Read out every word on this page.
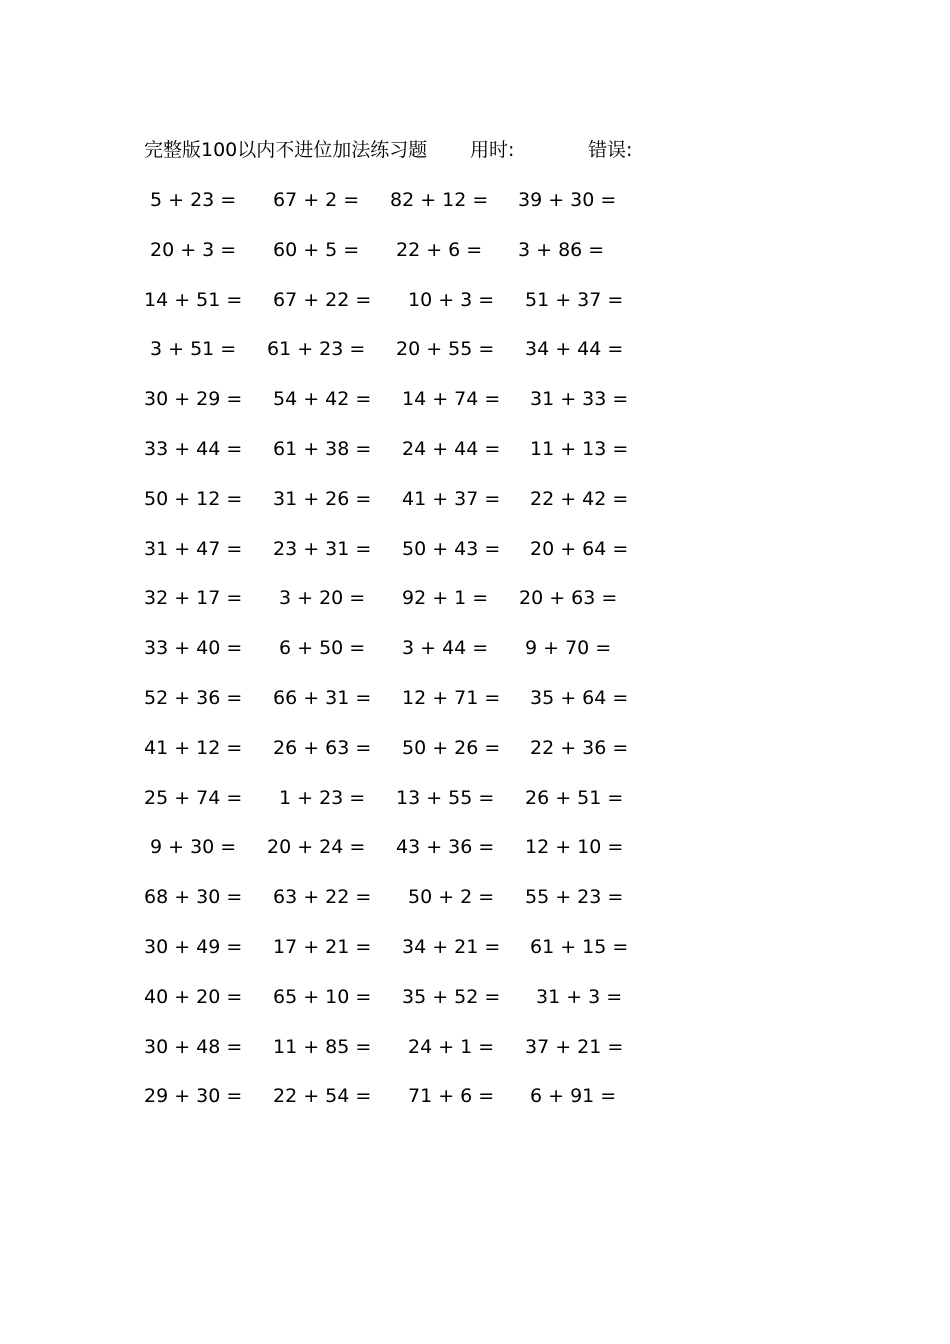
完整版100以内不进位加法练习题 用时:	错误:
5 + 23 = 67 + 2 = 82 + 12 = 39 + 30 =
20 + 3 = 60 + 5 = 22 + 6 = 3 + 86 =
14 + 51 = 67 + 22 = 10 + 3 = 51 + 37 =
3 + 51 = 61 + 23 = 20 + 55 = 34 + 44 =
30 + 29 = 54 + 42 = 14 + 74 = 31 + 33 =
33 + 44 = 61 + 38 = 24 + 44 = 11 + 13 =
50 + 12 = 31 + 26 = 41 + 37 = 22 + 42 =
31 + 47 = 23 + 31 = 50 + 43 = 20 + 64 =
32 + 17 = 3 + 20 = 92 + 1 = 20 + 63 =
33 + 40 = 6 + 50 = 3 + 44 = 9 + 70 =
52 + 36 = 66 + 31 = 12 + 71 = 35 + 64 =
41 + 12 = 26 + 63 = 50 + 26 = 22 + 36 =
25 + 74 = 1 + 23 = 13 + 55 = 26 + 51 =
9 + 30 = 20 + 24 = 43 + 36 = 12 + 10 =
68 + 30 = 63 + 22 = 50 + 2 = 55 + 23 =
30 + 49 = 17 + 21 = 34 + 21 = 61 + 15 =
40 + 20 = 65 + 10 = 35 + 52 = 31 + 3 =
30 + 48 = 11 + 85 = 24 + 1 = 37 + 21 =
29 + 30 = 22 + 54 = 71 + 6 = 6 + 91 =
